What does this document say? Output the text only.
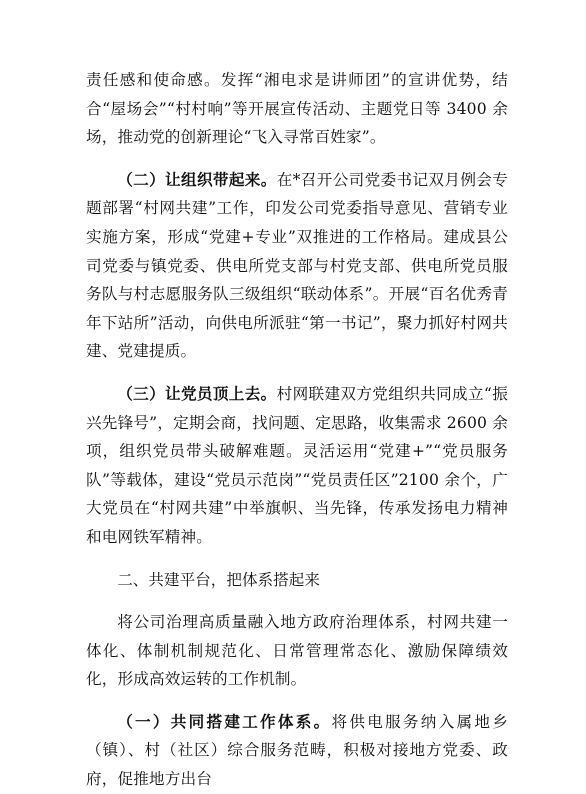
责任感和使命感。发挥“湘电求是讲师团”的宣讲优势，结合“屋场会”“村村响”等开展宣传活动、主题党日等 3400 余场，推动党的创新理论“飞入寻常百姓家”。

（二）让组织带起来。在*召开公司党委书记双月例会专题部署“村网共建”工作，印发公司党委指导意见、营销专业实施方案，形成“党建+专业”双推进的工作格局。建成县公司党委与镇党委、供电所党支部与村党支部、供电所党员服务队与村志愿服务队三级组织“联动体系”。开展“百名优秀青年下站所”活动，向供电所派驻“第一书记”，聚力抓好村网共建、党建提质。

（三）让党员顶上去。村网联建双方党组织共同成立“振兴先锋号”，定期会商，找问题、定思路，收集需求 2600 余项，组织党员带头破解难题。灵活运用“党建+”“党员服务队”等载体，建设“党员示范岗”“党员责任区”2100 余个，广大党员在“村网共建”中举旗帜、当先锋，传承发扬电力精神和电网铁军精神。

二、共建平台，把体系搭起来

将公司治理高质量融入地方政府治理体系，村网共建一体化、体制机制规范化、日常管理常态化、激励保障绩效化，形成高效运转的工作机制。

（一）共同搭建工作体系。将供电服务纳入属地乡（镇）、村（社区）综合服务范畴，积极对接地方党委、政府，促推地方出台
